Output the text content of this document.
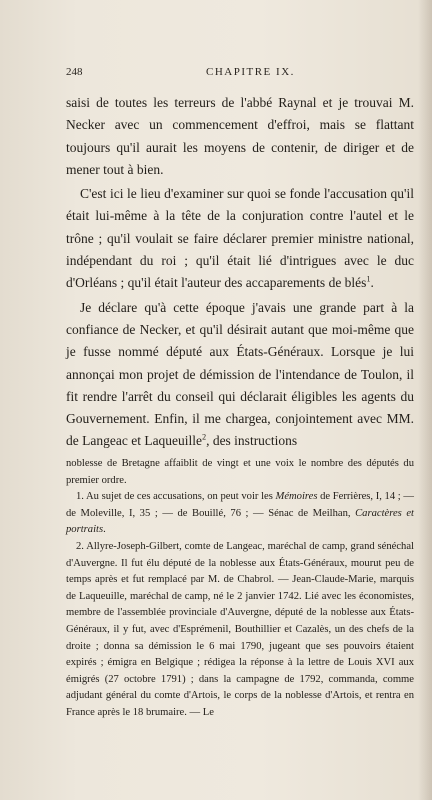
248	CHAPITRE IX.

saisi de toutes les terreurs de l'abbé Raynal et je trouvai M. Necker avec un commencement d'effroi, mais se flattant toujours qu'il aurait les moyens de contenir, de diriger et de mener tout à bien.

C'est ici le lieu d'examiner sur quoi se fonde l'accusation qu'il était lui-même à la tête de la conjuration contre l'autel et le trône ; qu'il voulait se faire déclarer premier ministre national, indépendant du roi ; qu'il était lié d'intrigues avec le duc d'Orléans ; qu'il était l'auteur des accaparements de blés$^1$.

Je déclare qu'à cette époque j'avais une grande part à la confiance de Necker, et qu'il désirait autant que moi-même que je fusse nommé député aux États-Généraux. Lorsque je lui annonçai mon projet de démission de l'intendance de Toulon, il fit rendre l'arrêt du conseil qui déclarait éligibles les agents du Gouvernement. Enfin, il me chargea, conjointement avec MM. de Langeac et Laqueuille$^2$, des instructions

noblesse de Bretagne affaiblit de vingt et une voix le nombre des députés du premier ordre.

1. Au sujet de ces accusations, on peut voir les Mémoires de Ferrières, I, 14 ; — de Moleville, I, 35 ; — de Bouillé, 76 ; — Sénac de Meilhan, Caractères et portraits.

2. Allyre-Joseph-Gilbert, comte de Langeac, maréchal de camp, grand sénéchal d'Auvergne. Il fut élu député de la noblesse aux États-Généraux, mourut peu de temps après et fut remplacé par M. de Chabrol. — Jean-Claude-Marie, marquis de Laqueuille, maréchal de camp, né le 2 janvier 1742. Lié avec les économistes, membre de l'assemblée provinciale d'Auvergne, député de la noblesse aux États-Généraux, il y fut, avec d'Esprémenil, Bouthillier et Cazalès, un des chefs de la droite ; donna sa démission le 6 mai 1790, jugeant que ses pouvoirs étaient expirés ; émigra en Belgique ; rédigea la réponse à la lettre de Louis XVI aux émigrés (27 octobre 1791) ; dans la campagne de 1792, commanda, comme adjudant général du comte d'Artois, le corps de la noblesse d'Artois, et rentra en France après le 18 brumaire. — Le
